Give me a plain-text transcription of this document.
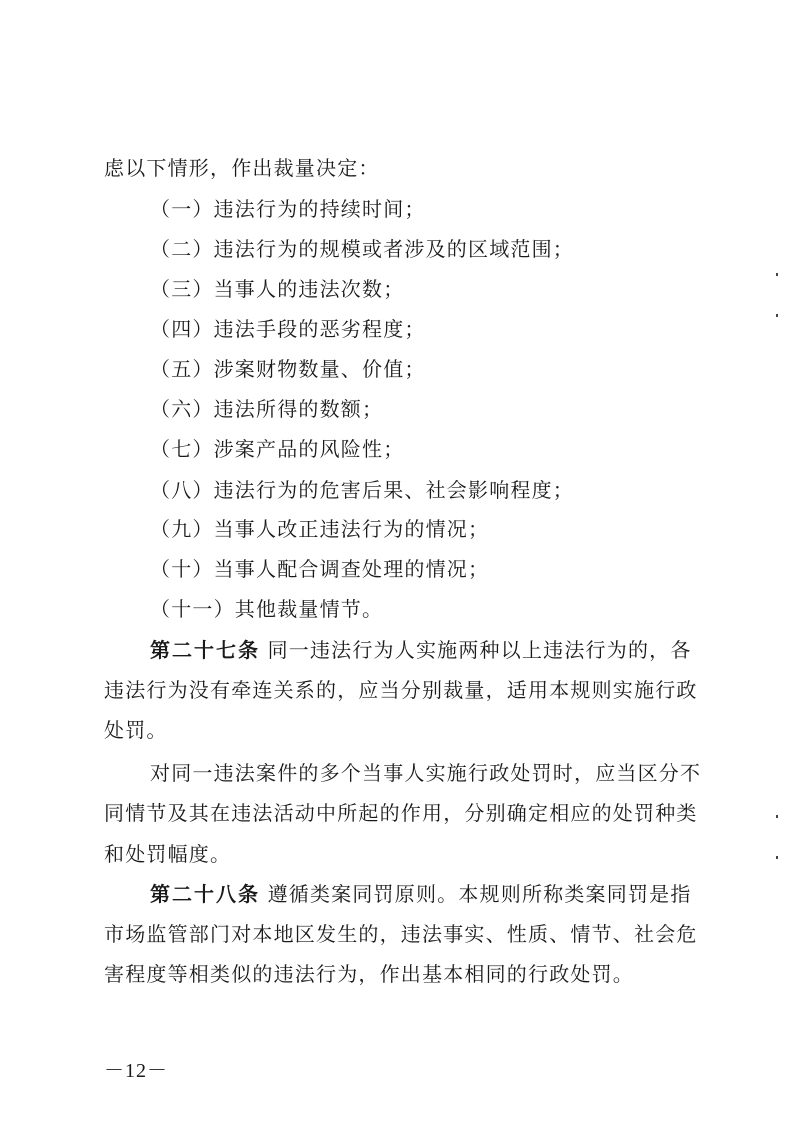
虑以下情形，作出裁量决定：
（一）违法行为的持续时间；
（二）违法行为的规模或者涉及的区域范围；
（三）当事人的违法次数；
（四）违法手段的恶劣程度；
（五）涉案财物数量、价值；
（六）违法所得的数额；
（七）涉案产品的风险性；
（八）违法行为的危害后果、社会影响程度；
（九）当事人改正违法行为的情况；
（十）当事人配合调查处理的情况；
（十一）其他裁量情节。
第二十七条 同一违法行为人实施两种以上违法行为的，各
违法行为没有牵连关系的，应当分别裁量，适用本规则实施行政
处罚。
对同一违法案件的多个当事人实施行政处罚时，应当区分不
同情节及其在违法活动中所起的作用，分别确定相应的处罚种类
和处罚幅度。
第二十八条 遵循类案同罚原则。本规则所称类案同罚是指
市场监管部门对本地区发生的，违法事实、性质、情节、社会危
害程度等相类似的违法行为，作出基本相同的行政处罚。
－12－
